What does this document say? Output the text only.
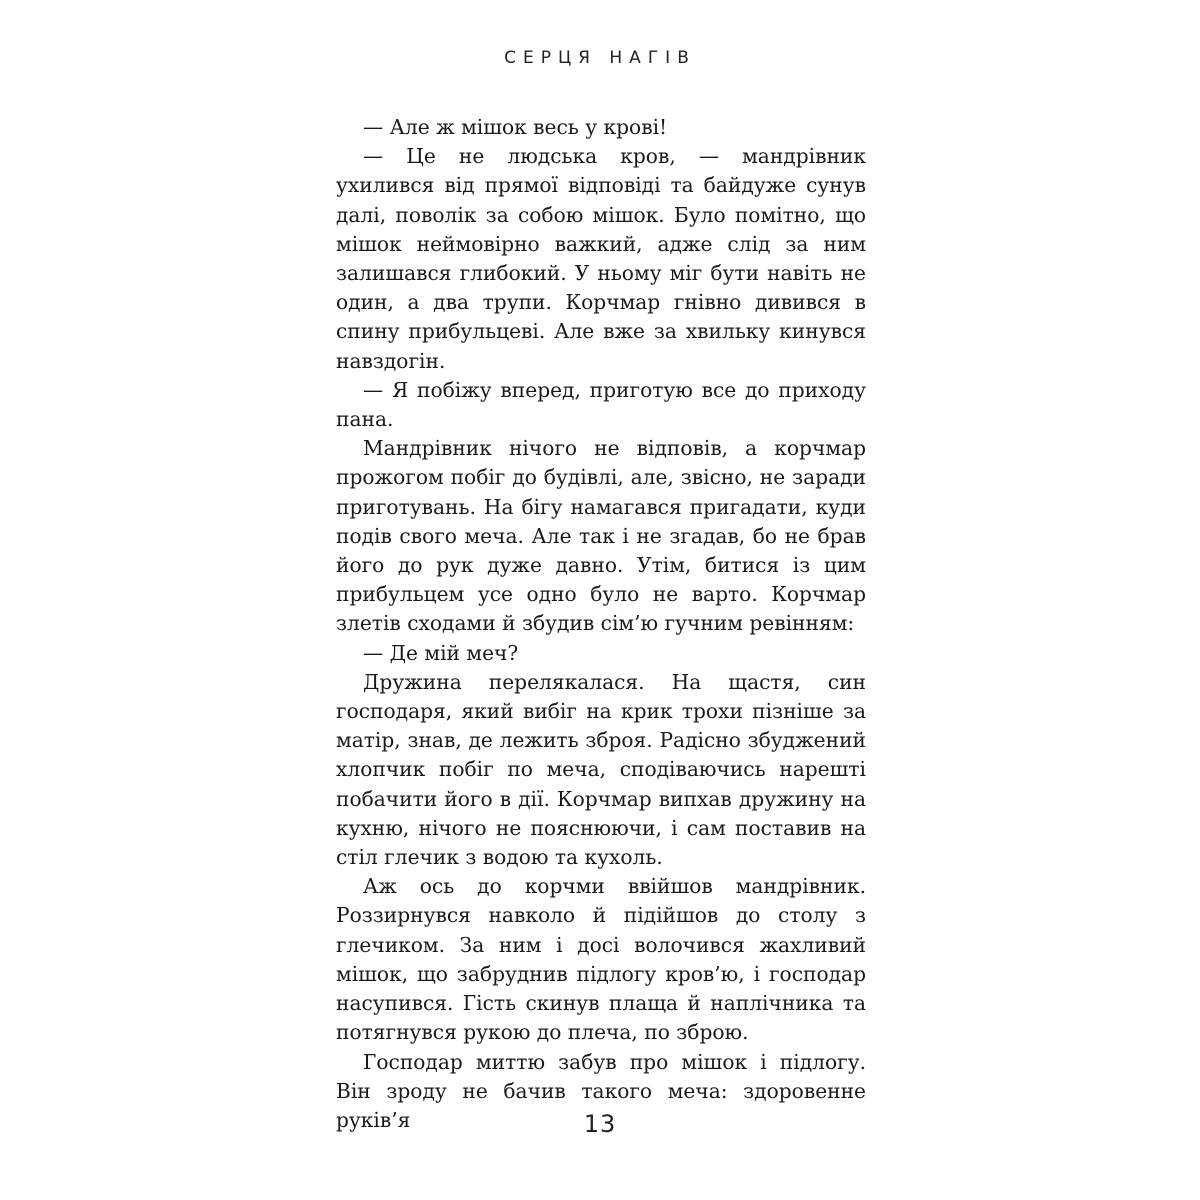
СЕРЦЯ НАГІВ

— Але ж мішок весь у крові!

— Це не людська кров, — мандрівник ухилився від прямої відповіді та байдуже сунув далі, поволік за собою мішок. Було помітно, що мішок неймовірно важкий, адже слід за ним залишався глибокий. У ньому міг бути навіть не один, а два трупи. Корчмар гнівно дивився в спину прибульцеві. Але вже за хвильку кинувся навздогін.

— Я побіжу вперед, приготую все до приходу пана.

Мандрівник нічого не відповів, а корчмар прожогом побіг до будівлі, але, звісно, не заради приготувань. На бігу намагався пригадати, куди подів свого меча. Але так і не згадав, бо не брав його до рук дуже давно. Утім, битися із цим прибульцем усе одно було не варто. Корчмар злетів сходами й збудив сім’ю гучним ревінням:

— Де мій меч?

Дружина перелякалася. На щастя, син господаря, який вибіг на крик трохи пізніше за матір, знав, де лежить зброя. Радісно збуджений хлопчик побіг по меча, сподіваючись нарешті побачити його в дії. Корчмар випхав дружину на кухню, нічого не пояснюючи, і сам поставив на стіл глечик з водою та кухоль.

Аж ось до корчми ввійшов мандрівник. Роззирнувся навколо й підійшов до столу з глечиком. За ним і досі волочився жахливий мішок, що забруднив підлогу кров’ю, і господар насупився. Гість скинув плаща й наплічника та потягнувся рукою до плеча, по зброю.

Господар миттю забув про мішок і підлогу. Він зроду не бачив такого меча: здоровенне руків’я	13
